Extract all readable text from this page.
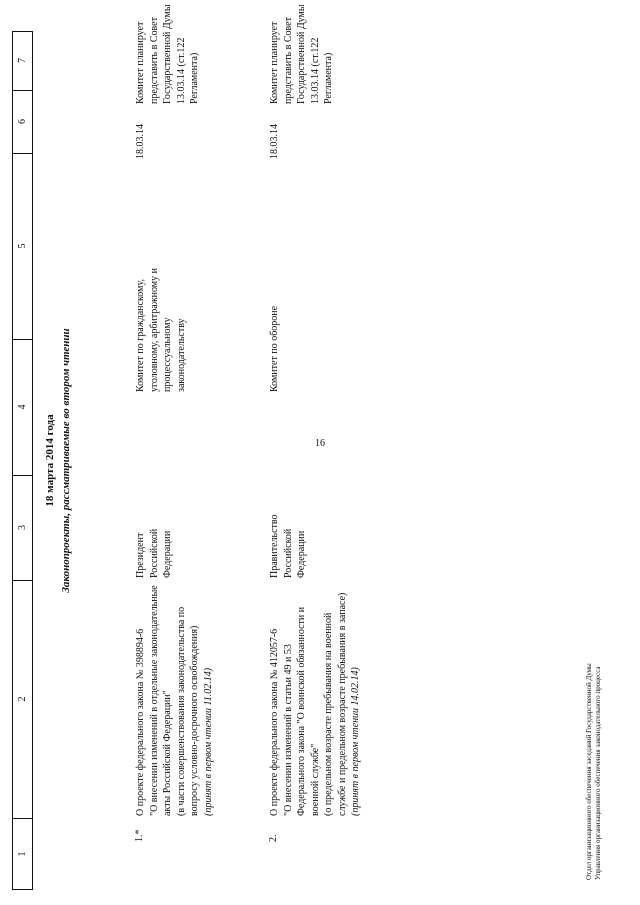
16
1
2
3
4
5
6
7
18 марта 2014 года Законопроекты, рассматриваемые во втором чтении
1.*

О проекте федерального закона № 398894-6 "О внесении изменений в отдельные законодательные акты Российской Федерации" (в части совершенствования законодательства по вопросу условно-досрочного освобождения) (принят в первом чтении 11.02.14)

Президент Российской Федерации
Комитет по гражданскому, уголовному, арбитражному и процессуальному законодательству
18.03.14
Комитет планирует представить в Совет Государственной Думы 13.03.14 (ст.122 Регламента)
2.

О проекте федерального закона № 412057-6 "О внесении изменений в статьи 49 и 53 Федерального закона "О воинской обязанности и военной службе" (о предельном возрасте пребывания на военной службе и предельном возрасте пребывания в запасе) (принят в первом чтении 14.02.14)

Правительство Российской Федерации
Комитет по обороне
18.03.14
Комитет планирует представить в Совет Государственной Думы 13.03.14 (ст.122 Регламента)
Отдел организационного обеспечения заседаний Государственной Думы Управления организационного обеспечения законодательного процесса
